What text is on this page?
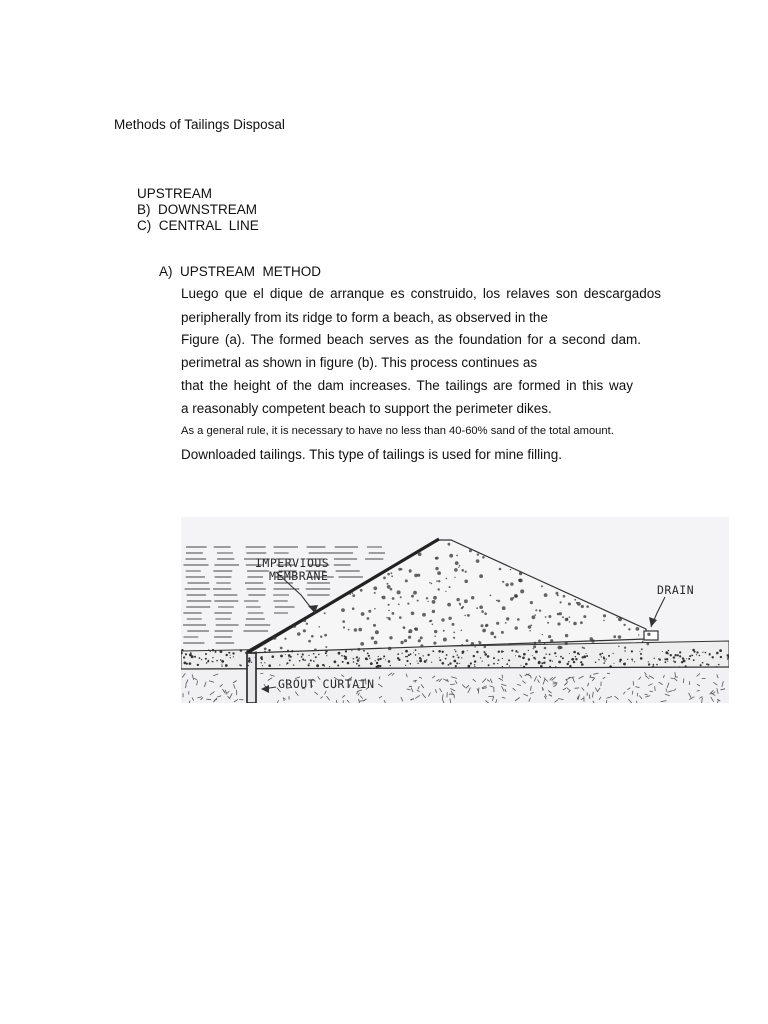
Methods of Tailings Disposal
UPSTREAM
B)  DOWNSTREAM
C)  CENTRAL  LINE
A)  UPSTREAM  METHOD
Luego que el dique de arranque es construido, los relaves son descargados
peripherally from its ridge to form a beach, as observed in the
Figure (a). The formed beach serves as the foundation for a second dam.
perimetral as shown in figure (b). This process continues as
that the height of the dam increases. The tailings are formed in this way
a reasonably competent beach to support the perimeter dikes.
As a general rule, it is necessary to have no less than 40-60% sand of the total amount.
Downloaded tailings. This type of tailings is used for mine filling.
IMPERVIOUS
MEMBRANE
DRAIN
GROUT CURTAIN
